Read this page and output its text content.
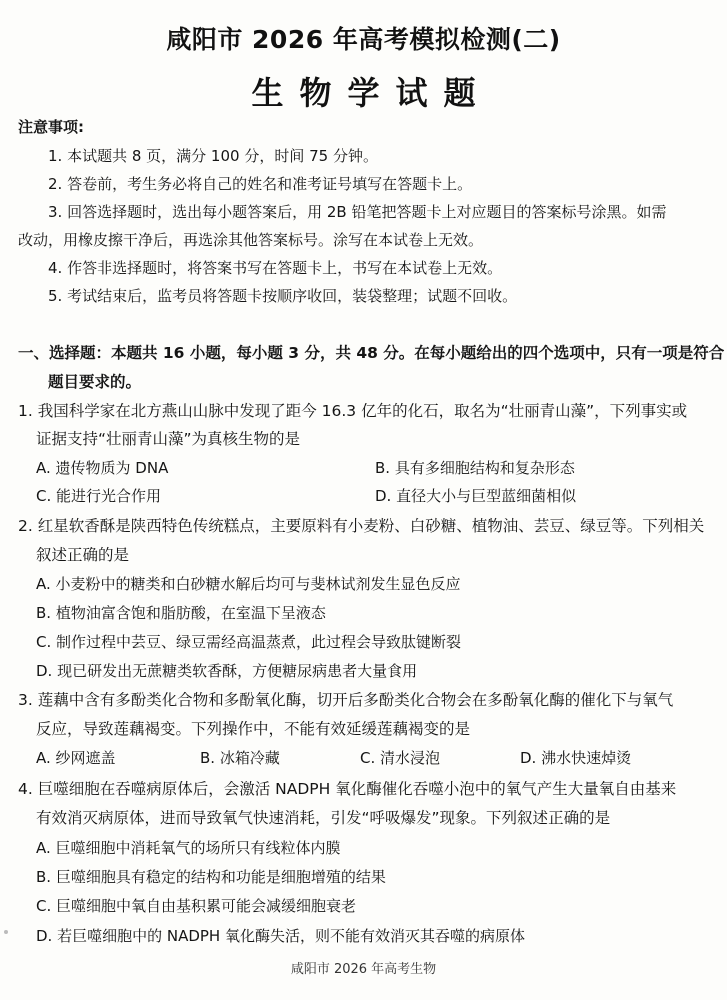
咸阳市 2026 年高考模拟检测(二)
生物学试题
注意事项:
1. 本试题共 8 页，满分 100 分，时间 75 分钟。
2. 答卷前，考生务必将自己的姓名和准考证号填写在答题卡上。
3. 回答选择题时，选出每小题答案后，用 2B 铅笔把答题卡上对应题目的答案标号涂黑。如需
改动，用橡皮擦干净后，再选涂其他答案标号。涂写在本试卷上无效。
4. 作答非选择题时，将答案书写在答题卡上，书写在本试卷上无效。
5. 考试结束后，监考员将答题卡按顺序收回，装袋整理；试题不回收。
一、选择题：本题共 16 小题，每小题 3 分，共 48 分。在每小题给出的四个选项中，只有一项是符合
题目要求的。
1. 我国科学家在北方燕山山脉中发现了距今 16.3 亿年的化石，取名为“壮丽青山藻”，下列事实或
证据支持“壮丽青山藻”为真核生物的是
A. 遗传物质为 DNA	B. 具有多细胞结构和复杂形态
C. 能进行光合作用	D. 直径大小与巨型蓝细菌相似
2. 红星软香酥是陕西特色传统糕点，主要原料有小麦粉、白砂糖、植物油、芸豆、绿豆等。下列相关
叙述正确的是
A. 小麦粉中的糖类和白砂糖水解后均可与斐林试剂发生显色反应
B. 植物油富含饱和脂肪酸，在室温下呈液态
C. 制作过程中芸豆、绿豆需经高温蒸煮，此过程会导致肽键断裂
D. 现已研发出无蔗糖类软香酥，方便糖尿病患者大量食用
3. 莲藕中含有多酚类化合物和多酚氧化酶，切开后多酚类化合物会在多酚氧化酶的催化下与氧气
反应，导致莲藕褐变。下列操作中，不能有效延缓莲藕褐变的是
A. 纱网遮盖	B. 冰箱冷藏	C. 清水浸泡	D. 沸水快速焯烫
4. 巨噬细胞在吞噬病原体后，会激活 NADPH 氧化酶催化吞噬小泡中的氧气产生大量氧自由基来
有效消灭病原体，进而导致氧气快速消耗，引发“呼吸爆发”现象。下列叙述正确的是
A. 巨噬细胞中消耗氧气的场所只有线粒体内膜
B. 巨噬细胞具有稳定的结构和功能是细胞增殖的结果
C. 巨噬细胞中氧自由基积累可能会减缓细胞衰老
D. 若巨噬细胞中的 NADPH 氧化酶失活，则不能有效消灭其吞噬的病原体
咸阳市 2026 年高考生物
